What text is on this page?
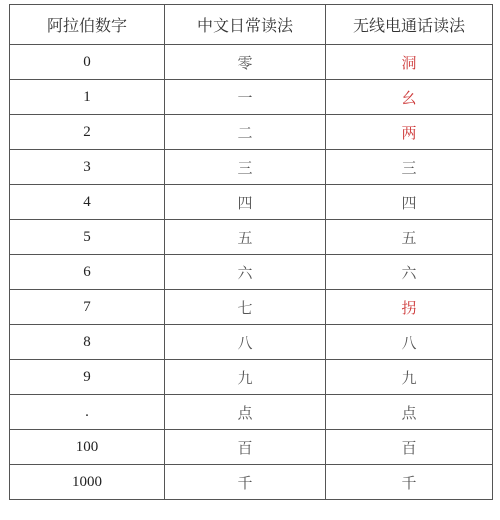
阿拉伯数字	中文日常读法	无线电通话读法
0	零	洞
1	一	幺
2	二	两
3	三	三
4	四	四
5	五	五
6	六	六
7	七	拐
8	八	八
9	九	九
.	点	点
100	百	百
1000	千	千
